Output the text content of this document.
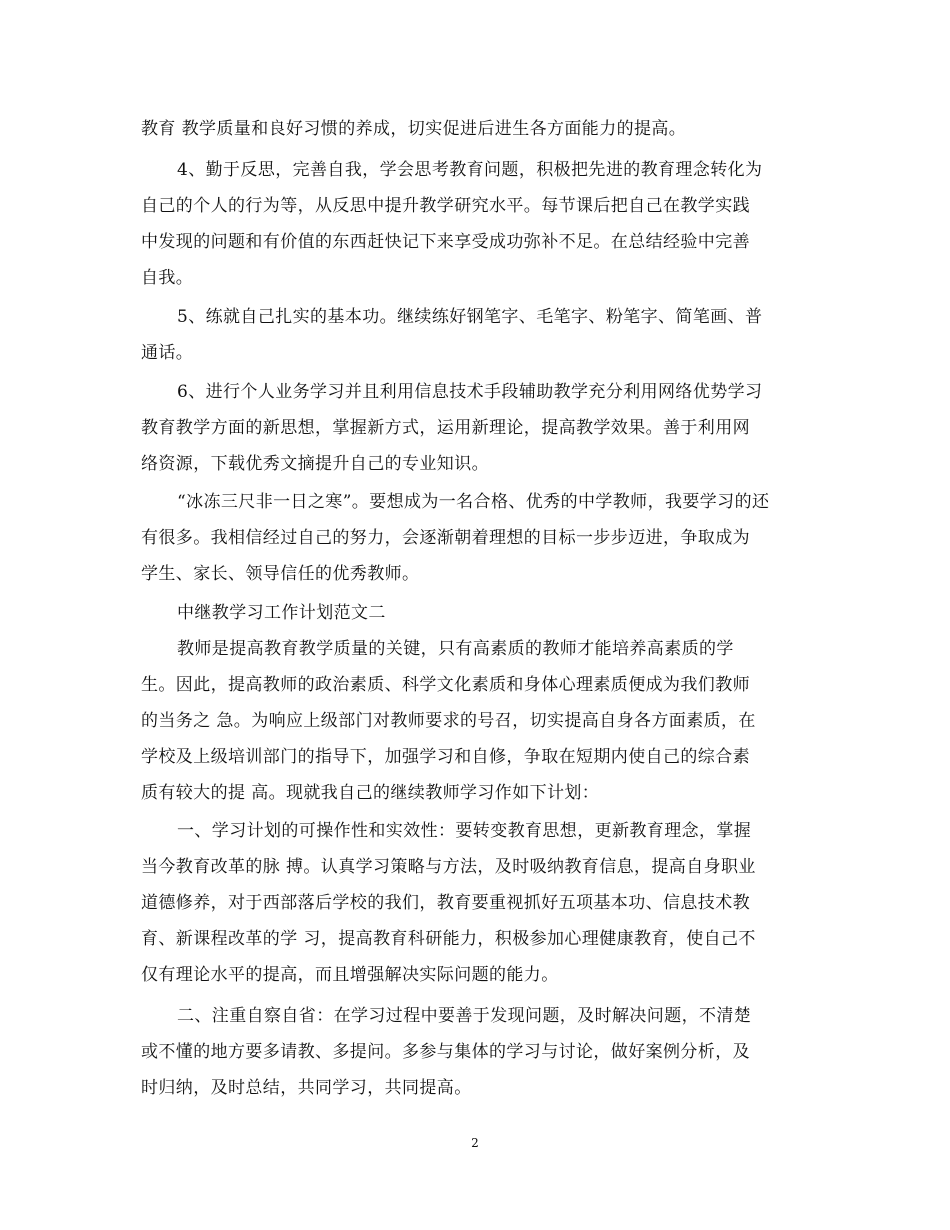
教育 教学质量和良好习惯的养成，切实促进后进生各方面能力的提高。
4、勤于反思，完善自我，学会思考教育问题，积极把先进的教育理念转化为
自己的个人的行为等，从反思中提升教学研究水平。每节课后把自己在教学实践
中发现的问题和有价值的东西赶快记下来享受成功弥补不足。在总结经验中完善
自我。
5、练就自己扎实的基本功。继续练好钢笔字、毛笔字、粉笔字、简笔画、普
通话。
6、进行个人业务学习并且利用信息技术手段辅助教学充分利用网络优势学习
教育教学方面的新思想，掌握新方式，运用新理论，提高教学效果。善于利用网
络资源，下载优秀文摘提升自己的专业知识。
“冰冻三尺非一日之寒”。要想成为一名合格、优秀的中学教师，我要学习的还
有很多。我相信经过自己的努力，会逐渐朝着理想的目标一步步迈进，争取成为
学生、家长、领导信任的优秀教师。
中继教学习工作计划范文二
教师是提高教育教学质量的关键，只有高素质的教师才能培养高素质的学
生。因此，提高教师的政治素质、科学文化素质和身体心理素质便成为我们教师
的当务之 急。为响应上级部门对教师要求的号召，切实提高自身各方面素质，在
学校及上级培训部门的指导下，加强学习和自修，争取在短期内使自己的综合素
质有较大的提 高。现就我自己的继续教师学习作如下计划：
一、学习计划的可操作性和实效性：要转变教育思想，更新教育理念，掌握
当今教育改革的脉 搏。认真学习策略与方法，及时吸纳教育信息，提高自身职业
道德修养，对于西部落后学校的我们，教育要重视抓好五项基本功、信息技术教
育、新课程改革的学 习，提高教育科研能力，积极参加心理健康教育，使自己不
仅有理论水平的提高，而且增强解决实际问题的能力。
二、注重自察自省：在学习过程中要善于发现问题，及时解决问题，不清楚
或不懂的地方要多请教、多提问。多参与集体的学习与讨论，做好案例分析，及
时归纳，及时总结，共同学习，共同提高。
2
